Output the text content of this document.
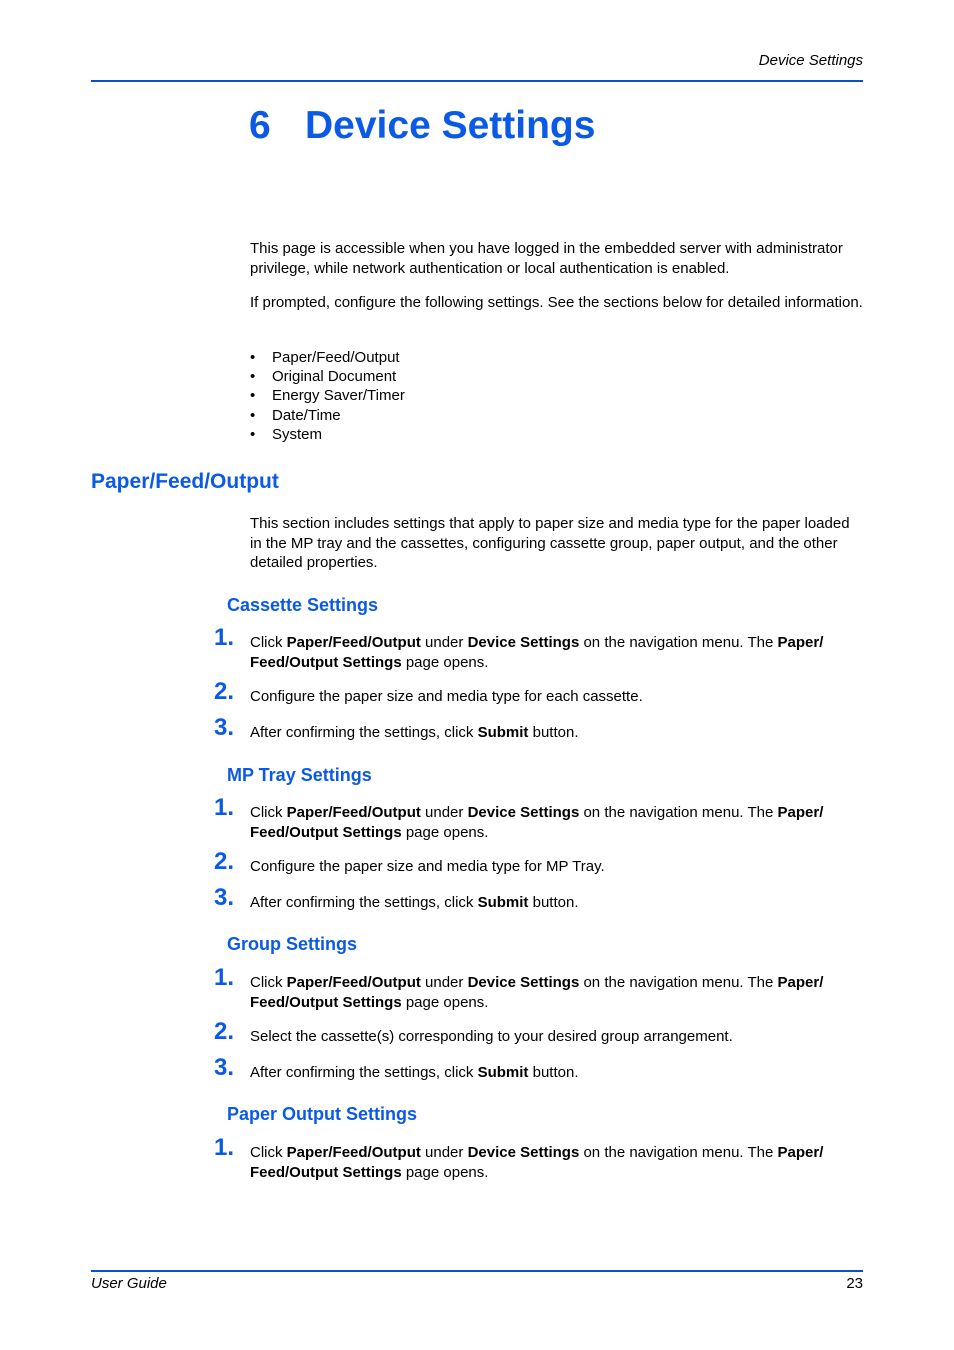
Device Settings
6 Device Settings

This page is accessible when you have logged in the embedded server with administrator privilege, while network authentication or local authentication is enabled.

If prompted, configure the following settings. See the sections below for detailed information.

• Paper/Feed/Output
• Original Document
• Energy Saver/Timer
• Date/Time
• System
Paper/Feed/Output

This section includes settings that apply to paper size and media type for the paper loaded in the MP tray and the cassettes, configuring cassette group, paper output, and the other detailed properties.

Cassette Settings
1. Click Paper/Feed/Output under Device Settings on the navigation menu. The Paper/ Feed/Output Settings page opens.
2. Configure the paper size and media type for each cassette.
3. After confirming the settings, click Submit button.
MP Tray Settings
1. Click Paper/Feed/Output under Device Settings on the navigation menu. The Paper/ Feed/Output Settings page opens.
2. Configure the paper size and media type for MP Tray.
3. After confirming the settings, click Submit button.
Group Settings
1. Click Paper/Feed/Output under Device Settings on the navigation menu. The Paper/ Feed/Output Settings page opens.
2. Select the cassette(s) corresponding to your desired group arrangement.
3. After confirming the settings, click Submit button.
Paper Output Settings
1. Click Paper/Feed/Output under Device Settings on the navigation menu. The Paper/ Feed/Output Settings page opens.
User Guide	23
